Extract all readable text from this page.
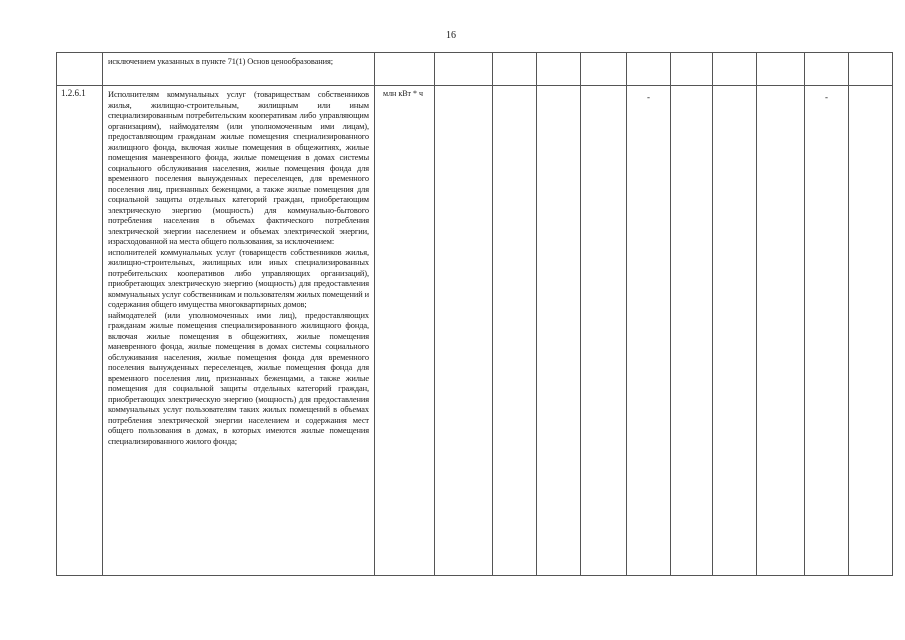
16
	исключением указанных в пункте 71(1) Основ ценообразования;											
1.2.6.1	Исполнителям коммунальных услуг (товариществам собственников жилья, жилищно-строительным, жилищным или иным специализированным потребительским кооперативам либо управляющим организациям), наймодателям (или уполномоченным ими лицам), предоставляющим гражданам жилые помещения специализированного жилищного фонда, включая жилые помещения в общежитиях, жилые помещения маневренного фонда, жилые помещения в домах системы социального обслуживания населения, жилые помещения фонда для временного поселения вынужденных переселенцев, для временного поселения лиц, признанных беженцами, а также жилые помещения для социальной защиты отдельных категорий граждан, приобретающим электрическую энергию (мощность) для коммунально-бытового потребления населения в объемах фактического потребления электрической энергии населением и объемах электрической энергии, израсходованной на места общего пользования, за исключением:

исполнителей коммунальных услуг (товариществ собственников жилья, жилищно-строительных, жилищных или иных специализированных потребительских кооперативов либо управляющих организаций), приобретающих электрическую энергию (мощность) для предоставления коммунальных услуг собственникам и пользователям жилых помещений и содержания общего имущества многоквартирных домов;

наймодателей (или уполномоченных ими лиц), предоставляющих гражданам жилые помещения специализированного жилищного фонда, включая жилые помещения в общежитиях, жилые помещения маневренного фонда, жилые помещения в домах системы социального обслуживания населения, жилые помещения фонда для временного поселения вынужденных переселенцев, жилые помещения фонда для временного поселения лиц, признанных беженцами, а также жилые помещения для социальной защиты отдельных категорий граждан, приобретающих электрическую энергию (мощность) для предоставления коммунальных услуг пользователям таких жилых помещений в объемах потребления электрической энергии населением и содержания мест общего пользования в домах, в которых имеются жилые помещения специализированного жилого фонда;	млн кВт * ч					-				-	
